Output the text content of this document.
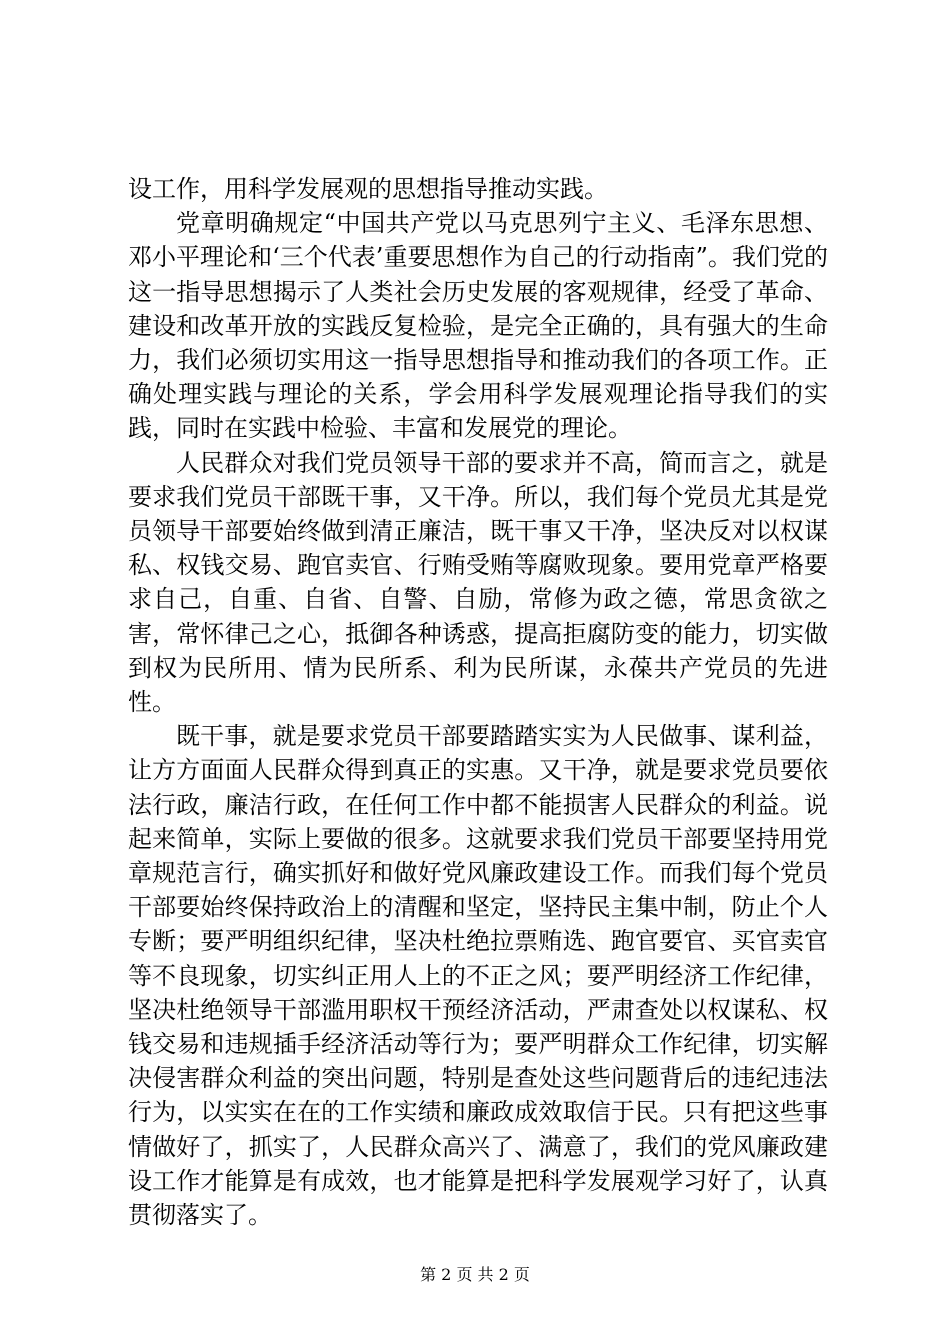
设工作，用科学发展观的思想指导推动实践。

党章明确规定“中国共产党以马克思列宁主义、毛泽东思想、邓小平理论和‘三个代表’重要思想作为自己的行动指南”。我们党的这一指导思想揭示了人类社会历史发展的客观规律，经受了革命、建设和改革开放的实践反复检验，是完全正确的，具有强大的生命力，我们必须切实用这一指导思想指导和推动我们的各项工作。正确处理实践与理论的关系，学会用科学发展观理论指导我们的实践，同时在实践中检验、丰富和发展党的理论。

人民群众对我们党员领导干部的要求并不高，简而言之，就是要求我们党员干部既干事，又干净。所以，我们每个党员尤其是党员领导干部要始终做到清正廉洁，既干事又干净，坚决反对以权谋私、权钱交易、跑官卖官、行贿受贿等腐败现象。要用党章严格要求自己，自重、自省、自警、自励，常修为政之德，常思贪欲之害，常怀律己之心，抵御各种诱惑，提高拒腐防变的能力，切实做到权为民所用、情为民所系、利为民所谋，永葆共产党员的先进性。

既干事，就是要求党员干部要踏踏实实为人民做事、谋利益，让方方面面人民群众得到真正的实惠。又干净，就是要求党员要依法行政，廉洁行政，在任何工作中都不能损害人民群众的利益。说起来简单，实际上要做的很多。这就要求我们党员干部要坚持用党章规范言行，确实抓好和做好党风廉政建设工作。而我们每个党员干部要始终保持政治上的清醒和坚定，坚持民主集中制，防止个人专断；要严明组织纪律，坚决杜绝拉票贿选、跑官要官、买官卖官等不良现象，切实纠正用人上的不正之风；要严明经济工作纪律，坚决杜绝领导干部滥用职权干预经济活动，严肃查处以权谋私、权钱交易和违规插手经济活动等行为；要严明群众工作纪律，切实解决侵害群众利益的突出问题，特别是查处这些问题背后的违纪违法行为，以实实在在的工作实绩和廉政成效取信于民。只有把这些事情做好了，抓实了，人民群众高兴了、满意了，我们的党风廉政建设工作才能算是有成效，也才能算是把科学发展观学习好了，认真贯彻落实了。

第 2 页 共 2 页
